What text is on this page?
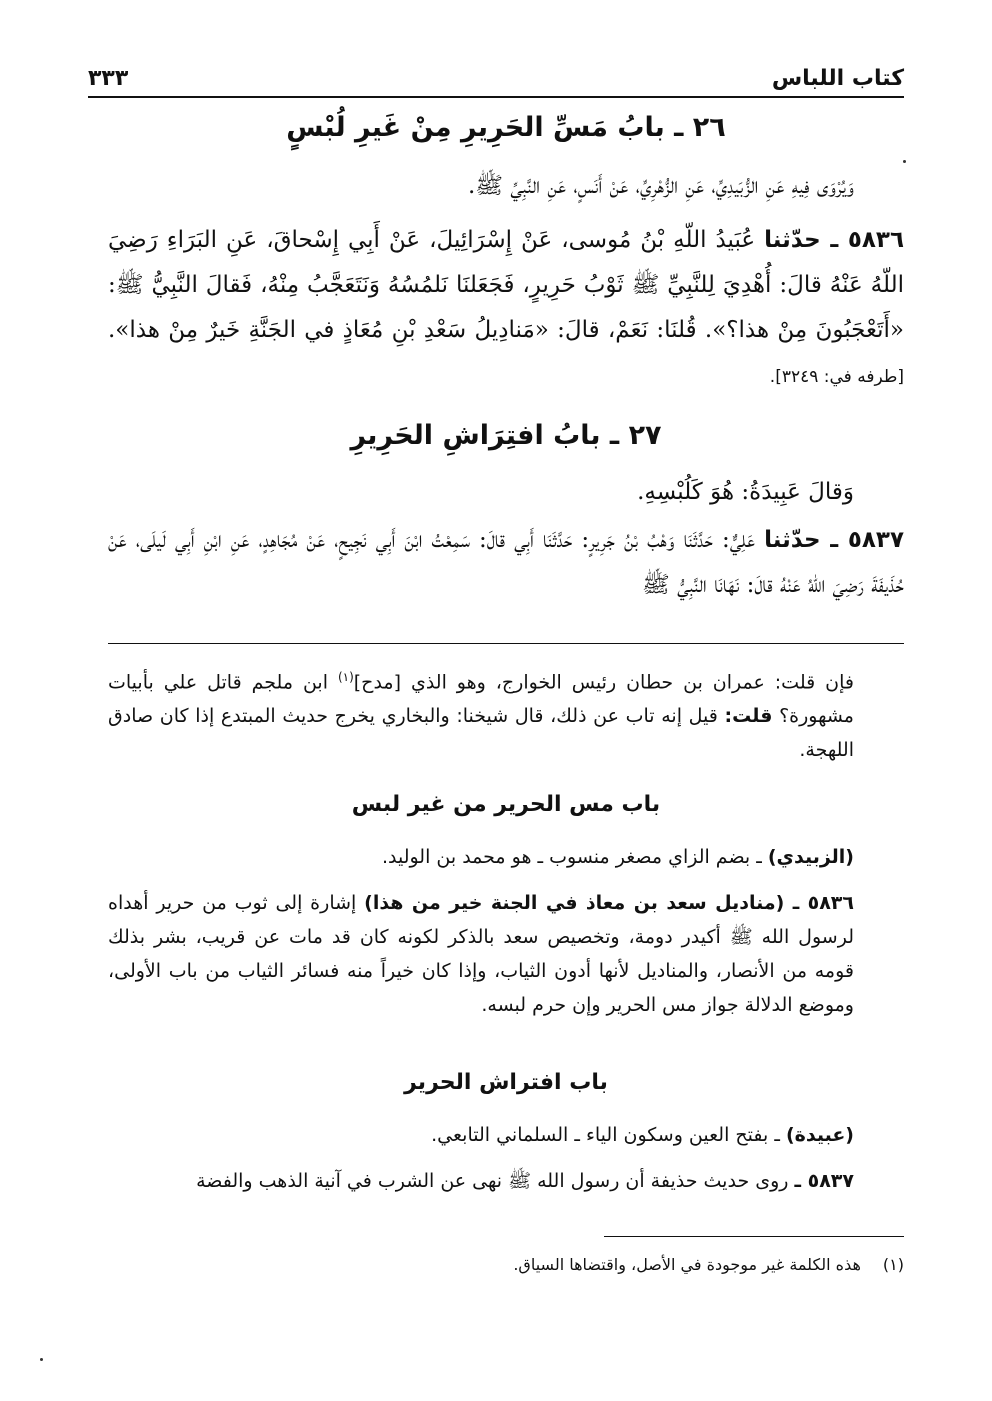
كتاب اللباس
٣٣٣
٢٦ ـ بابُ مَسِّ الحَرِيرِ مِنْ غَيرِ لُبْسٍ
وَيُرْوَى فِيهِ عَنِ الزُّبَيدِيِّ، عَنِ الزُّهْرِيِّ، عَنْ أَنَسٍ، عَنِ النَّبِيِّ ﷺ.
٥٨٣٦ ـ حدّثنا عُبَيدُ اللّهِ بْنُ مُوسى، عَنْ إِسْرَائِيلَ، عَنْ أَبِي إِسْحاقَ، عَنِ البَرَاءِ رَضِيَ اللّهُ عَنْهُ قالَ: أُهْدِيَ لِلنَّبِيِّ ﷺ ثَوْبُ حَرِيرٍ، فَجَعَلنَا نَلمُسُهُ وَنَتَعَجَّبُ مِنْهُ، فَقالَ النَّبِيُّ ﷺ: «أَتَعْجَبُونَ مِنْ هذا؟». قُلنَا: نَعَمْ، قالَ: «مَنادِيلُ سَعْدِ بْنِ مُعَاذٍ في الجَنَّةِ خَيرٌ مِنْ هذا». [طرفه في: ٣٢٤٩].
٢٧ ـ بابُ افتِرَاشِ الحَرِيرِ
وَقالَ عَبِيدَةُ: هُوَ كَلُبْسِهِ.
٥٨٣٧ ـ حدّثنا عَلِيٌّ: حَدَّثَنَا وَهْبُ بْنُ جَرِيرٍ: حَدَّثَنَا أَبِي قالَ: سَمِعْتُ ابْنَ أَبِي نَجِيحٍ، عَنْ مُجَاهِدٍ، عَنِ ابْنِ أَبِي لَيلَى، عَنْ حُذَيفَةَ رَضِيَ اللّهُ عَنْهُ قالَ: نَهَانَا النَّبِيُّ ﷺ
فإن قلت: عمران بن حطان رئيس الخوارج، وهو الذي [مدح]$^{(١)}$ ابن ملجم قاتل علي بأبيات مشهورة؟ قلت: قيل إنه تاب عن ذلك، قال شيخنا: والبخاري يخرج حديث المبتدع إذا كان صادق اللهجة.
باب مس الحرير من غير لبس
(الزبيدي) ـ بضم الزاي مصغر منسوب ـ هو محمد بن الوليد.
٥٨٣٦ ـ (مناديل سعد بن معاذ في الجنة خير من هذا) إشارة إلى ثوب من حرير أهداه لرسول الله ﷺ أكيدر دومة، وتخصيص سعد بالذكر لكونه كان قد مات عن قريب، بشر بذلك قومه من الأنصار، والمناديل لأنها أدون الثياب، وإذا كان خيراً منه فسائر الثياب من باب الأولى، وموضع الدلالة جواز مس الحرير وإن حرم لبسه.
باب افتراش الحرير
(عبيدة) ـ بفتح العين وسكون الياء ـ السلماني التابعي.
٥٨٣٧ ـ روى حديث حذيفة أن رسول الله ﷺ نهى عن الشرب في آنية الذهب والفضة
(١)هذه الكلمة غير موجودة في الأصل، واقتضاها السياق.
